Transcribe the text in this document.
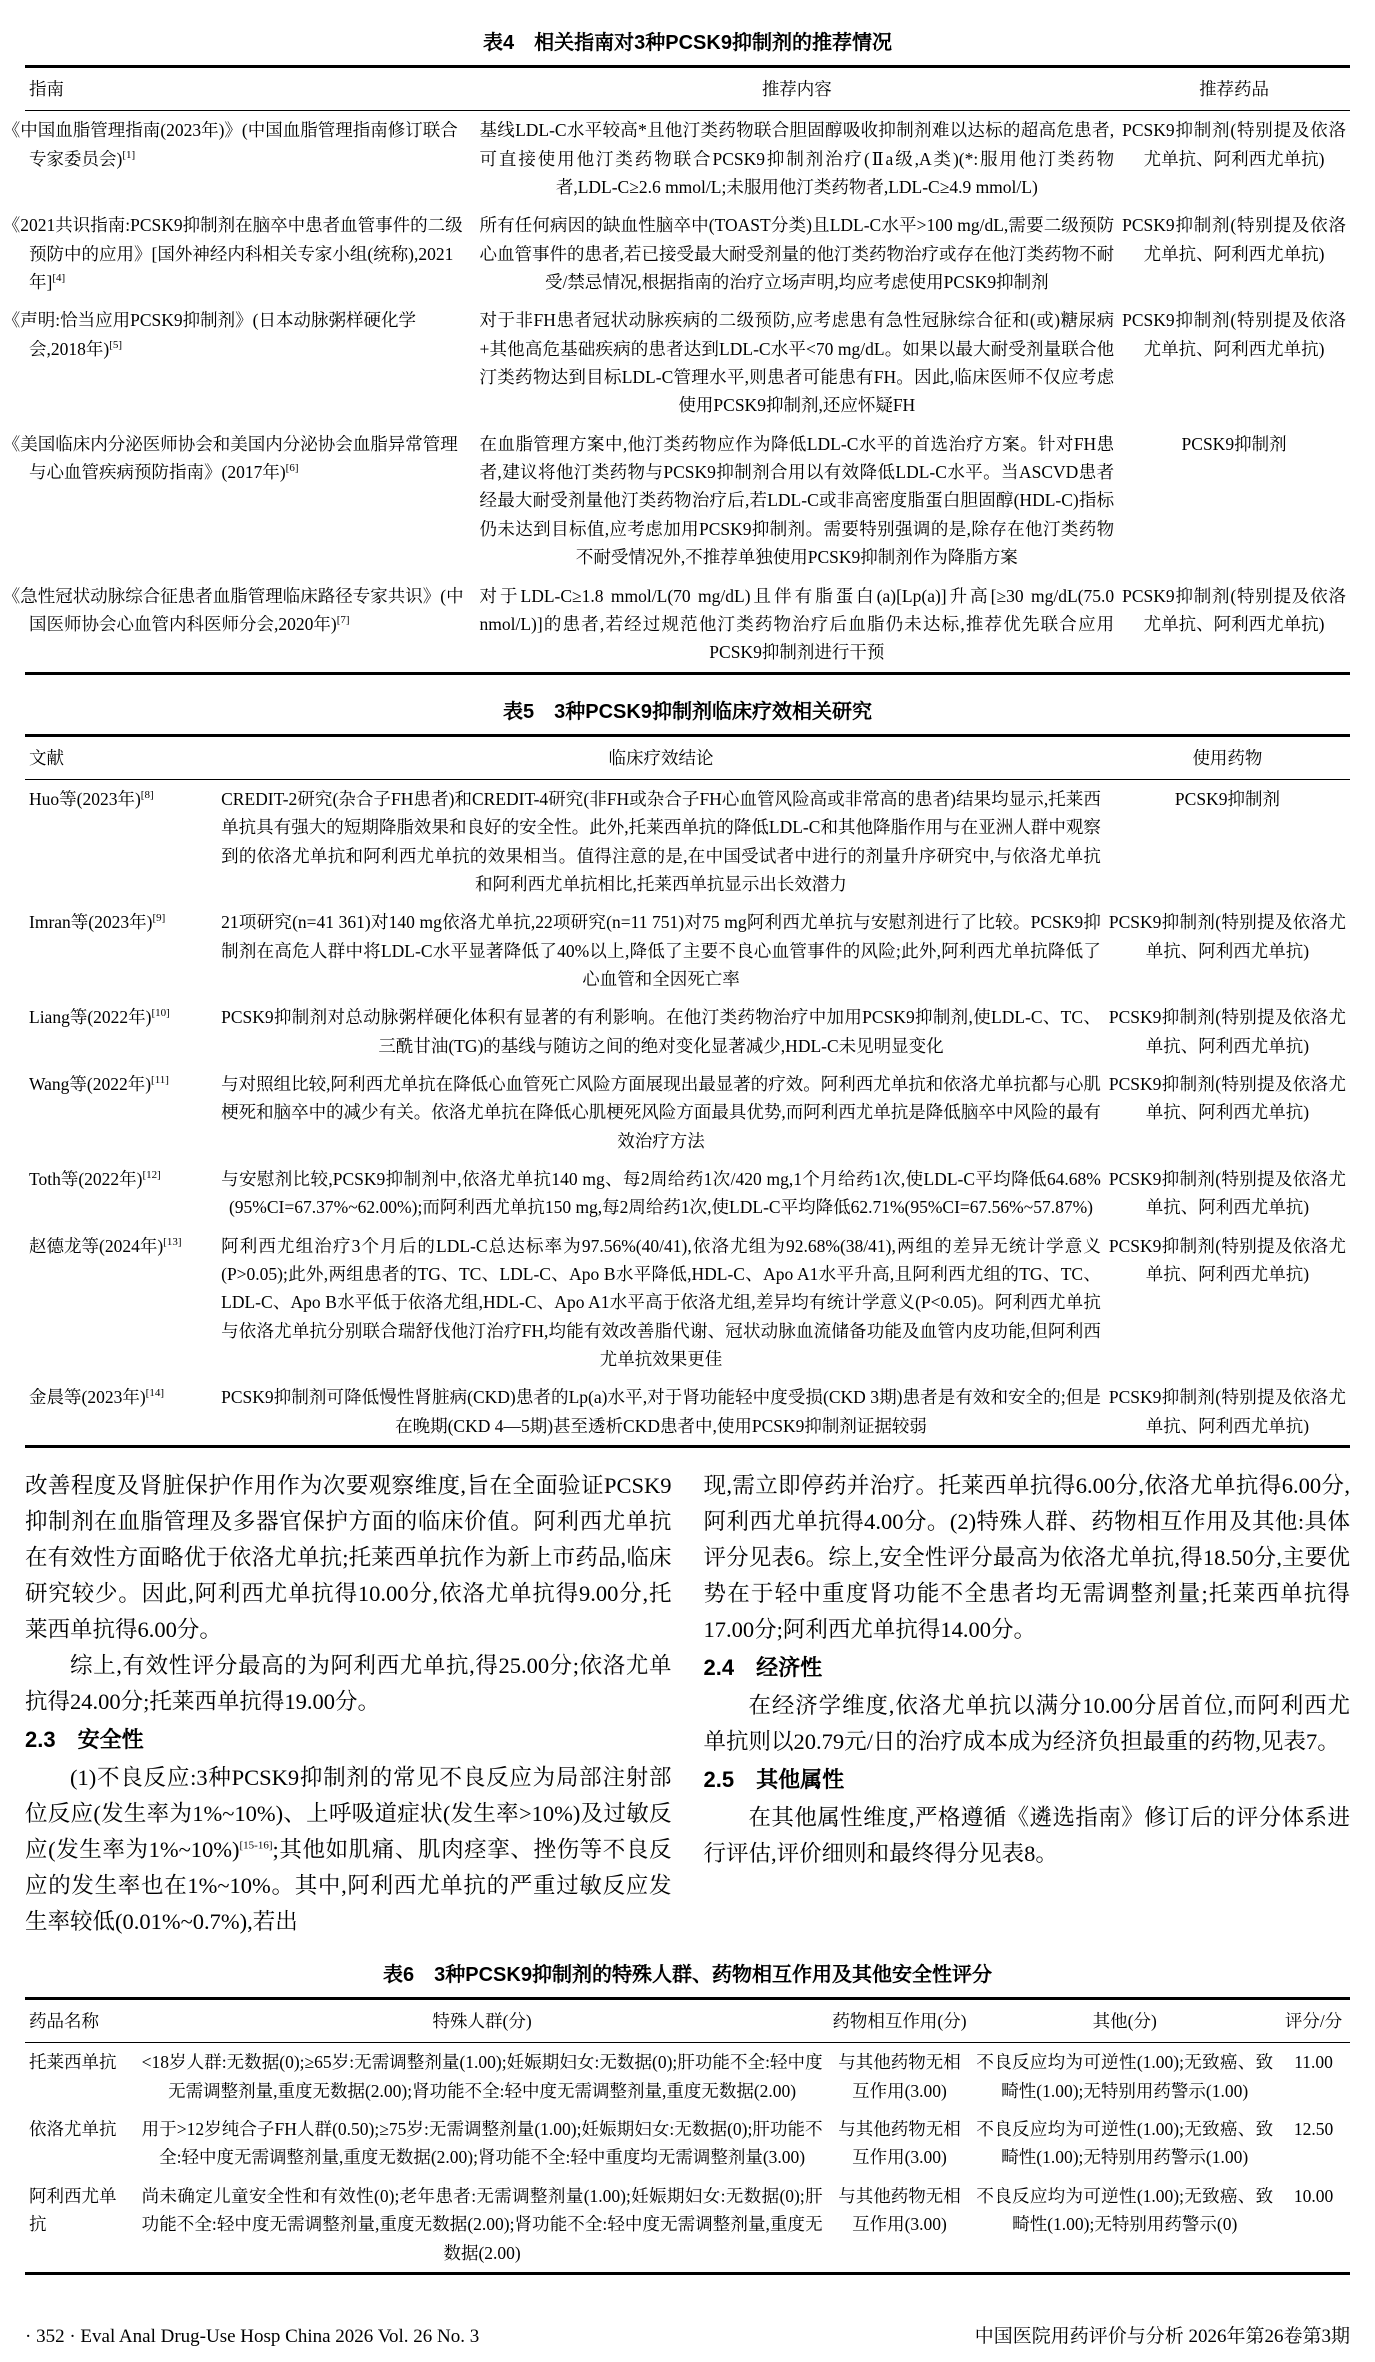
表4 相关指南对3种PCSK9抑制剂的推荐情况
指南	推荐内容	推荐药品
《中国血脂管理指南(2023年)》(中国血脂管理指南修订联合专家委员会)[1]	基线LDL-C水平较高*且他汀类药物联合胆固醇吸收抑制剂难以达标的超高危患者,可直接使用他汀类药物联合PCSK9抑制剂治疗(Ⅱa级,A类)(*:服用他汀类药物者,LDL-C≥2.6 mmol/L;未服用他汀类药物者,LDL-C≥4.9 mmol/L)	PCSK9抑制剂(特别提及依洛尤单抗、阿利西尤单抗)
《2021共识指南:PCSK9抑制剂在脑卒中患者血管事件的二级预防中的应用》[国外神经内科相关专家小组(统称),2021年][4]	所有任何病因的缺血性脑卒中(TOAST分类)且LDL-C水平>100 mg/dL,需要二级预防心血管事件的患者,若已接受最大耐受剂量的他汀类药物治疗或存在他汀类药物不耐受/禁忌情况,根据指南的治疗立场声明,均应考虑使用PCSK9抑制剂	PCSK9抑制剂(特别提及依洛尤单抗、阿利西尤单抗)
《声明:恰当应用PCSK9抑制剂》(日本动脉粥样硬化学会,2018年)[5]	对于非FH患者冠状动脉疾病的二级预防,应考虑患有急性冠脉综合征和(或)糖尿病+其他高危基础疾病的患者达到LDL-C水平<70 mg/dL。如果以最大耐受剂量联合他汀类药物达到目标LDL-C管理水平,则患者可能患有FH。因此,临床医师不仅应考虑使用PCSK9抑制剂,还应怀疑FH	PCSK9抑制剂(特别提及依洛尤单抗、阿利西尤单抗)
《美国临床内分泌医师协会和美国内分泌协会血脂异常管理与心血管疾病预防指南》(2017年)[6]	在血脂管理方案中,他汀类药物应作为降低LDL-C水平的首选治疗方案。针对FH患者,建议将他汀类药物与PCSK9抑制剂合用以有效降低LDL-C水平。当ASCVD患者经最大耐受剂量他汀类药物治疗后,若LDL-C或非高密度脂蛋白胆固醇(HDL-C)指标仍未达到目标值,应考虑加用PCSK9抑制剂。需要特别强调的是,除存在他汀类药物不耐受情况外,不推荐单独使用PCSK9抑制剂作为降脂方案	PCSK9抑制剂
《急性冠状动脉综合征患者血脂管理临床路径专家共识》(中国医师协会心血管内科医师分会,2020年)[7]	对于LDL-C≥1.8 mmol/L(70 mg/dL)且伴有脂蛋白(a)[Lp(a)]升高[≥30 mg/dL(75.0 nmol/L)]的患者,若经过规范他汀类药物治疗后血脂仍未达标,推荐优先联合应用PCSK9抑制剂进行干预	PCSK9抑制剂(特别提及依洛尤单抗、阿利西尤单抗)
表5 3种PCSK9抑制剂临床疗效相关研究
文献	临床疗效结论	使用药物
Huo等(2023年)[8]	CREDIT-2研究(杂合子FH患者)和CREDIT-4研究(非FH或杂合子FH心血管风险高或非常高的患者)结果均显示,托莱西单抗具有强大的短期降脂效果和良好的安全性。此外,托莱西单抗的降低LDL-C和其他降脂作用与在亚洲人群中观察到的依洛尤单抗和阿利西尤单抗的效果相当。值得注意的是,在中国受试者中进行的剂量升序研究中,与依洛尤单抗和阿利西尤单抗相比,托莱西单抗显示出长效潜力	PCSK9抑制剂
Imran等(2023年)[9]	21项研究(n=41 361)对140 mg依洛尤单抗,22项研究(n=11 751)对75 mg阿利西尤单抗与安慰剂进行了比较。PCSK9抑制剂在高危人群中将LDL-C水平显著降低了40%以上,降低了主要不良心血管事件的风险;此外,阿利西尤单抗降低了心血管和全因死亡率	PCSK9抑制剂(特别提及依洛尤单抗、阿利西尤单抗)
Liang等(2022年)[10]	PCSK9抑制剂对总动脉粥样硬化体积有显著的有利影响。在他汀类药物治疗中加用PCSK9抑制剂,使LDL-C、TC、三酰甘油(TG)的基线与随访之间的绝对变化显著减少,HDL-C未见明显变化	PCSK9抑制剂(特别提及依洛尤单抗、阿利西尤单抗)
Wang等(2022年)[11]	与对照组比较,阿利西尤单抗在降低心血管死亡风险方面展现出最显著的疗效。阿利西尤单抗和依洛尤单抗都与心肌梗死和脑卒中的减少有关。依洛尤单抗在降低心肌梗死风险方面最具优势,而阿利西尤单抗是降低脑卒中风险的最有效治疗方法	PCSK9抑制剂(特别提及依洛尤单抗、阿利西尤单抗)
Toth等(2022年)[12]	与安慰剂比较,PCSK9抑制剂中,依洛尤单抗140 mg、每2周给药1次/420 mg,1个月给药1次,使LDL-C平均降低64.68%(95%CI=67.37%~62.00%);而阿利西尤单抗150 mg,每2周给药1次,使LDL-C平均降低62.71%(95%CI=67.56%~57.87%)	PCSK9抑制剂(特别提及依洛尤单抗、阿利西尤单抗)
赵德龙等(2024年)[13]	阿利西尤组治疗3个月后的LDL-C总达标率为97.56%(40/41),依洛尤组为92.68%(38/41),两组的差异无统计学意义(P>0.05);此外,两组患者的TG、TC、LDL-C、Apo B水平降低,HDL-C、Apo A1水平升高,且阿利西尤组的TG、TC、LDL-C、Apo B水平低于依洛尤组,HDL-C、Apo A1水平高于依洛尤组,差异均有统计学意义(P<0.05)。阿利西尤单抗与依洛尤单抗分别联合瑞舒伐他汀治疗FH,均能有效改善脂代谢、冠状动脉血流储备功能及血管内皮功能,但阿利西尤单抗效果更佳	PCSK9抑制剂(特别提及依洛尤单抗、阿利西尤单抗)
金晨等(2023年)[14]	PCSK9抑制剂可降低慢性肾脏病(CKD)患者的Lp(a)水平,对于肾功能轻中度受损(CKD 3期)患者是有效和安全的;但是在晚期(CKD 4—5期)甚至透析CKD患者中,使用PCSK9抑制剂证据较弱	PCSK9抑制剂(特别提及依洛尤单抗、阿利西尤单抗)

改善程度及肾脏保护作用作为次要观察维度,旨在全面验证PCSK9抑制剂在血脂管理及多器官保护方面的临床价值。阿利西尤单抗在有效性方面略优于依洛尤单抗;托莱西单抗作为新上市药品,临床研究较少。因此,阿利西尤单抗得10.00分,依洛尤单抗得9.00分,托莱西单抗得6.00分。

综上,有效性评分最高的为阿利西尤单抗,得25.00分;依洛尤单抗得24.00分;托莱西单抗得19.00分。

2.3 安全性

(1)不良反应:3种PCSK9抑制剂的常见不良反应为局部注射部位反应(发生率为1%~10%)、上呼吸道症状(发生率>10%)及过敏反应(发生率为1%~10%)[15-16];其他如肌痛、肌肉痉挛、挫伤等不良反应的发生率也在1%~10%。其中,阿利西尤单抗的严重过敏反应发生率较低(0.01%~0.7%),若出

现,需立即停药并治疗。托莱西单抗得6.00分,依洛尤单抗得6.00分,阿利西尤单抗得4.00分。(2)特殊人群、药物相互作用及其他:具体评分见表6。综上,安全性评分最高为依洛尤单抗,得18.50分,主要优势在于轻中重度肾功能不全患者均无需调整剂量;托莱西单抗得17.00分;阿利西尤单抗得14.00分。

2.4 经济性

在经济学维度,依洛尤单抗以满分10.00分居首位,而阿利西尤单抗则以20.79元/日的治疗成本成为经济负担最重的药物,见表7。

2.5 其他属性

在其他属性维度,严格遵循《遴选指南》修订后的评分体系进行评估,评价细则和最终得分见表8。

表6 3种PCSK9抑制剂的特殊人群、药物相互作用及其他安全性评分
药品名称	特殊人群(分)	药物相互作用(分)	其他(分)	评分/分
托莱西单抗	<18岁人群:无数据(0);≥65岁:无需调整剂量(1.00);妊娠期妇女:无数据(0);肝功能不全:轻中度无需调整剂量,重度无数据(2.00);肾功能不全:轻中度无需调整剂量,重度无数据(2.00)	与其他药物无相互作用(3.00)	不良反应均为可逆性(1.00);无致癌、致畸性(1.00);无特别用药警示(1.00)	11.00
依洛尤单抗	用于>12岁纯合子FH人群(0.50);≥75岁:无需调整剂量(1.00);妊娠期妇女:无数据(0);肝功能不全:轻中度无需调整剂量,重度无数据(2.00);肾功能不全:轻中重度均无需调整剂量(3.00)	与其他药物无相互作用(3.00)	不良反应均为可逆性(1.00);无致癌、致畸性(1.00);无特别用药警示(1.00)	12.50
阿利西尤单抗	尚未确定儿童安全性和有效性(0);老年患者:无需调整剂量(1.00);妊娠期妇女:无数据(0);肝功能不全:轻中度无需调整剂量,重度无数据(2.00);肾功能不全:轻中度无需调整剂量,重度无数据(2.00)	与其他药物无相互作用(3.00)	不良反应均为可逆性(1.00);无致癌、致畸性(1.00);无特别用药警示(0)	10.00
· 352 · Eval Anal Drug-Use Hosp China 2026 Vol. 26 No. 3	中国医院用药评价与分析 2026年第26卷第3期
